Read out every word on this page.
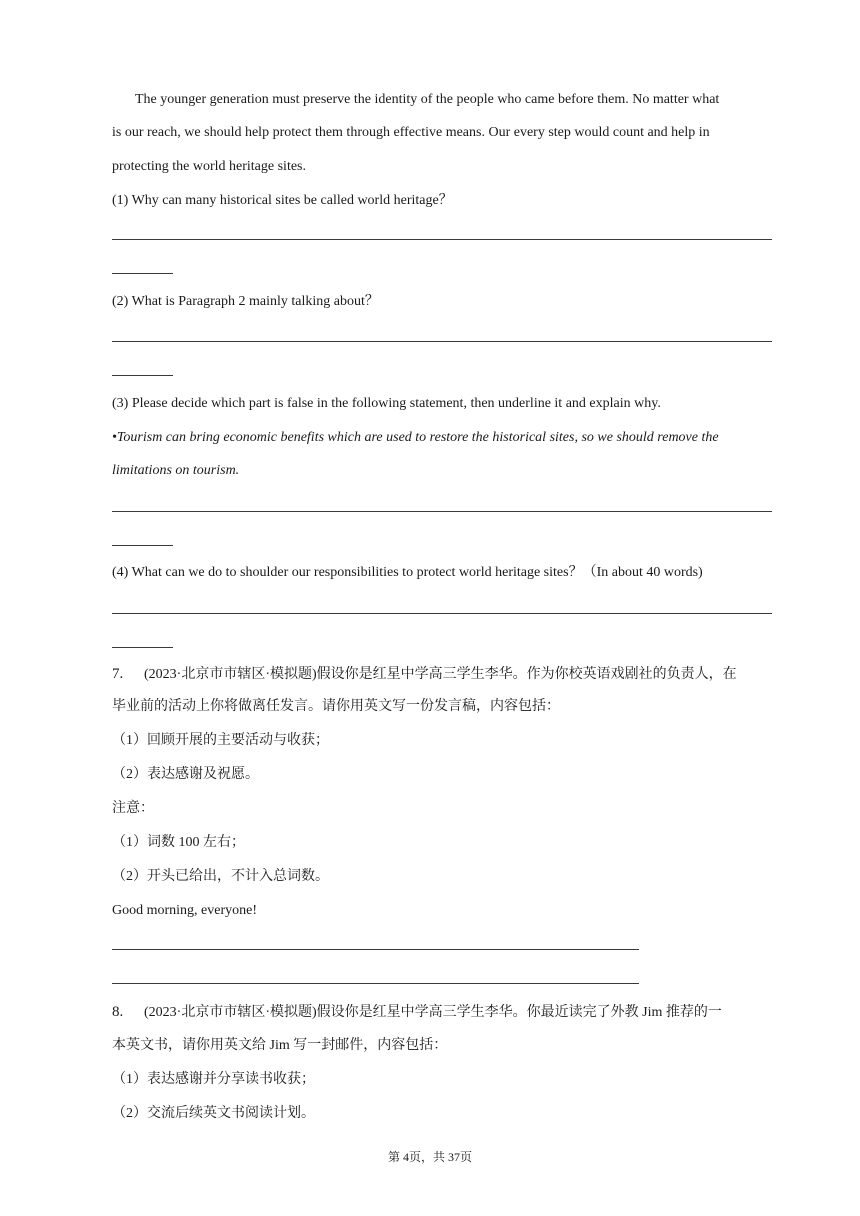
The younger generation must preserve the identity of the people who came before them. No matter what
is our reach, we should help protect them through effective means. Our every step would count and help in
protecting the world heritage sites.
(1) Why can many historical sites be called world heritage？
(2) What is Paragraph 2 mainly talking about？
(3) Please decide which part is false in the following statement, then underline it and explain why.
•Tourism can bring economic benefits which are used to restore the historical sites, so we should remove the
limitations on tourism.
(4) What can we do to shoulder our responsibilities to protect world heritage sites？（In about 40 words)
7. (2023·北京市市辖区·模拟题)假设你是红星中学高三学生李华。作为你校英语戏剧社的负责人，在
毕业前的活动上你将做离任发言。请你用英文写一份发言稿，内容包括：
（1）回顾开展的主要活动与收获；
（2）表达感谢及祝愿。
注意：
（1）词数 100 左右；
（2）开头已给出，不计入总词数。
Good morning, everyone!
8. (2023·北京市市辖区·模拟题)假设你是红星中学高三学生李华。你最近读完了外教 Jim 推荐的一
本英文书，请你用英文给 Jim 写一封邮件，内容包括：
（1）表达感谢并分享读书收获；
（2）交流后续英文书阅读计划。
第 4页，共 37页
